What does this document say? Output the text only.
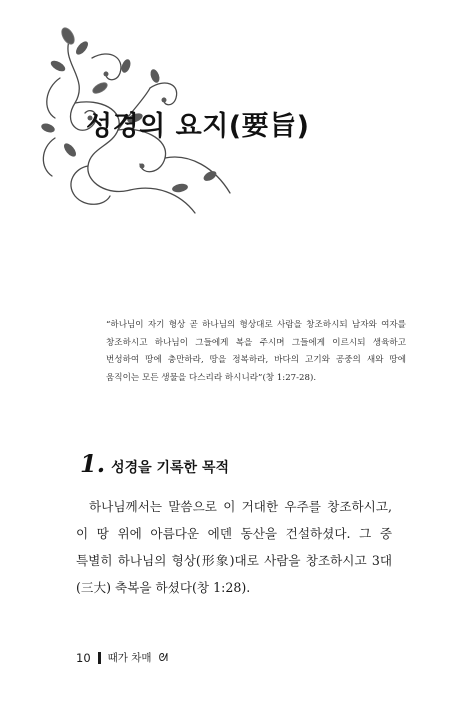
성경의 요지(要旨)
“하나님이 자기 형상 곧 하나님의 형상대로 사람을 창조하시되 남자와 여자를 창조하시고 하나님이 그들에게 복을 주시며 그들에게 이르시되 생육하고 번성하여 땅에 충만하라, 땅을 정복하라, 바다의 고기와 공중의 새와 땅에 움직이는 모든 생물을 다스리라 하시니라”(창 1:27-28).
1. 성경을 기록한 목적
하나님께서는 말씀으로 이 거대한 우주를 창조하시고, 이 땅 위에 아름다운 에덴 동산을 건설하셨다. 그 중 특별히 하나님의 형상(形象)대로 사람을 창조하시고 3대(三大) 축복을 하셨다(창 1:28).
10 때가 차매 ᘛ
